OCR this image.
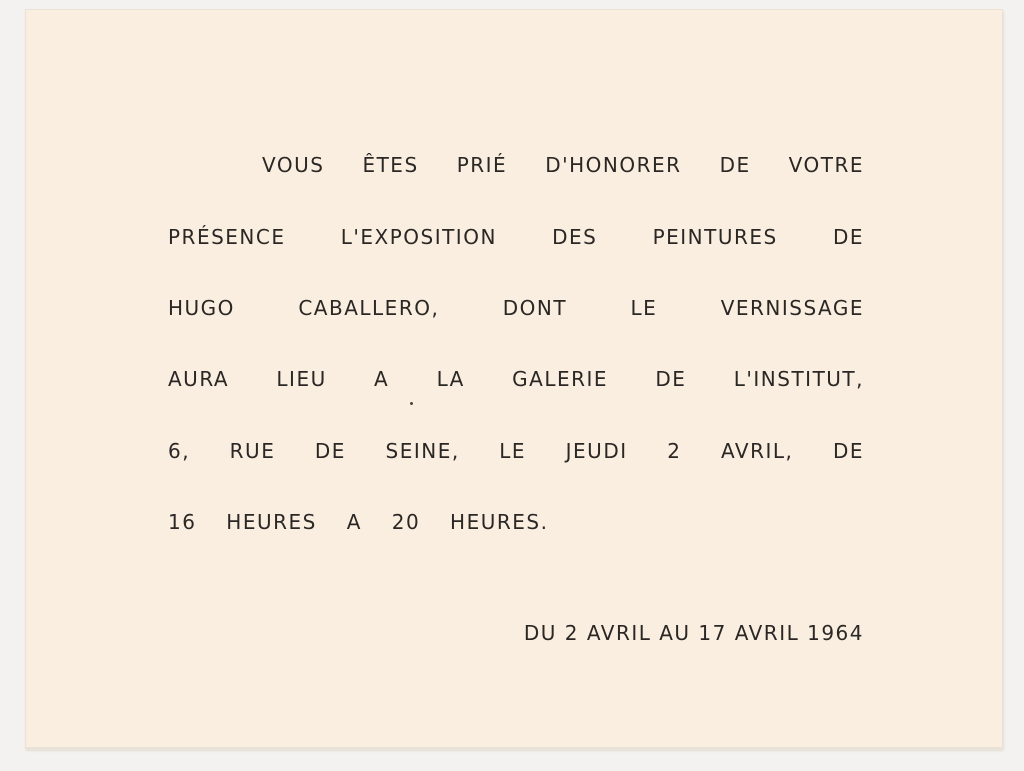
VOUS ÊTES PRIÉ D'HONORER DE VOTRE
PRÉSENCE L'EXPOSITION DES PEINTURES DE
HUGO CABALLERO, DONT LE VERNISSAGE
AURA LIEU A LA GALERIE DE L'INSTITUT,
6, RUE DE SEINE, LE JEUDI 2 AVRIL, DE
16 HEURES A 20 HEURES.
DU 2 AVRIL AU 17 AVRIL 1964
